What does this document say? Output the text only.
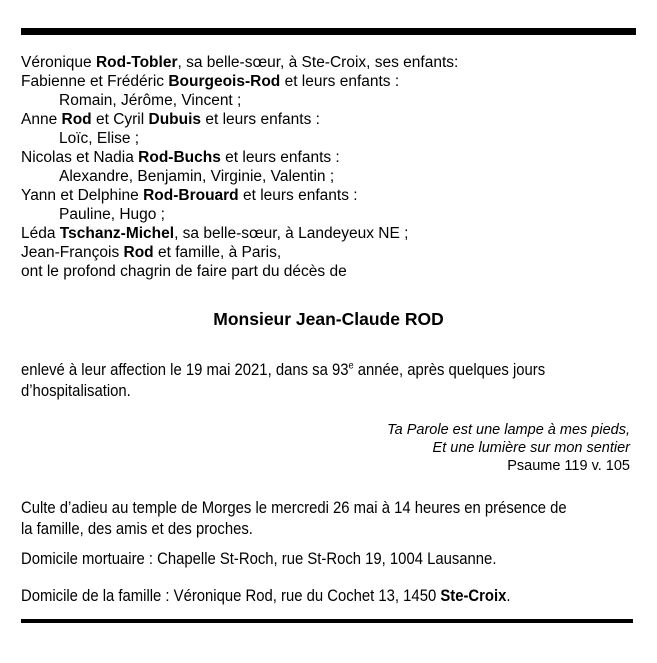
Véronique Rod-Tobler, sa belle-sœur, à Ste-Croix, ses enfants:
Fabienne et Frédéric Bourgeois-Rod et leurs enfants :
Romain, Jérôme, Vincent ;
Anne Rod et Cyril Dubuis et leurs enfants :
Loïc, Elise ;
Nicolas et Nadia Rod-Buchs et leurs enfants :
Alexandre, Benjamin, Virginie, Valentin ;
Yann et Delphine Rod-Brouard et leurs enfants :
Pauline, Hugo ;
Léda Tschanz-Michel, sa belle-sœur, à Landeyeux NE ;
Jean-François Rod et famille, à Paris,
ont le profond chagrin de faire part du décès de
Monsieur Jean-Claude ROD
enlevé à leur affection le 19 mai 2021, dans sa 93e année, après quelques jours
d’hospitalisation.
Ta Parole est une lampe à mes pieds,
Et une lumière sur mon sentier
Psaume 119 v. 105
Culte d’adieu au temple de Morges le mercredi 26 mai à 14 heures en présence de
la famille, des amis et des proches.
Domicile mortuaire : Chapelle St-Roch, rue St-Roch 19, 1004 Lausanne.
Domicile de la famille : Véronique Rod, rue du Cochet 13, 1450 Ste-Croix.
